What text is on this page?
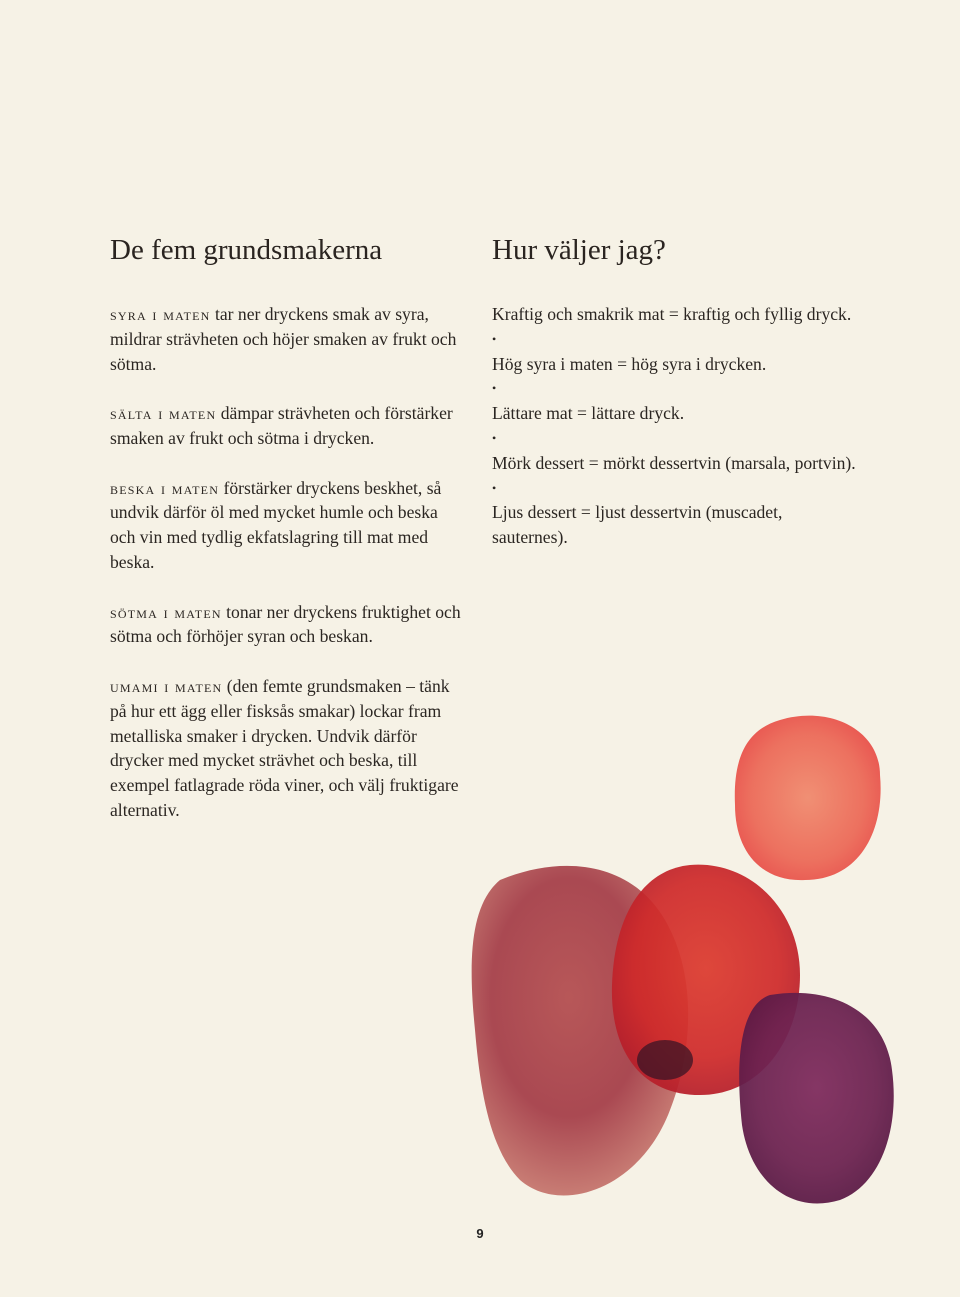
De fem grundsmakerna

syra i maten tar ner dryckens smak av syra, mildrar strävheten och höjer smaken av frukt och sötma.

sälta i maten dämpar strävheten och förstärker smaken av frukt och sötma i drycken.

beska i maten förstärker dryckens beskhet, så undvik därför öl med mycket humle och beska och vin med tydlig ekfatslagring till mat med beska.

sötma i maten tonar ner dryckens fruktighet och sötma och förhöjer syran och beskan.

umami i maten (den femte grundsmaken – tänk på hur ett ägg eller fisksås smakar) lockar fram metalliska smaker i drycken. Undvik därför drycker med mycket strävhet och beska, till exempel fatlagrade röda viner, och välj fruktigare alternativ.

Hur väljer jag?

Kraftig och smakrik mat = kraftig och fyllig dryck.

•

Hög syra i maten = hög syra i drycken.

•

Lättare mat = lättare dryck.

•

Mörk dessert = mörkt dessertvin (marsala, portvin).

•

Ljus dessert = ljust dessertvin (muscadet, sauternes).

9
